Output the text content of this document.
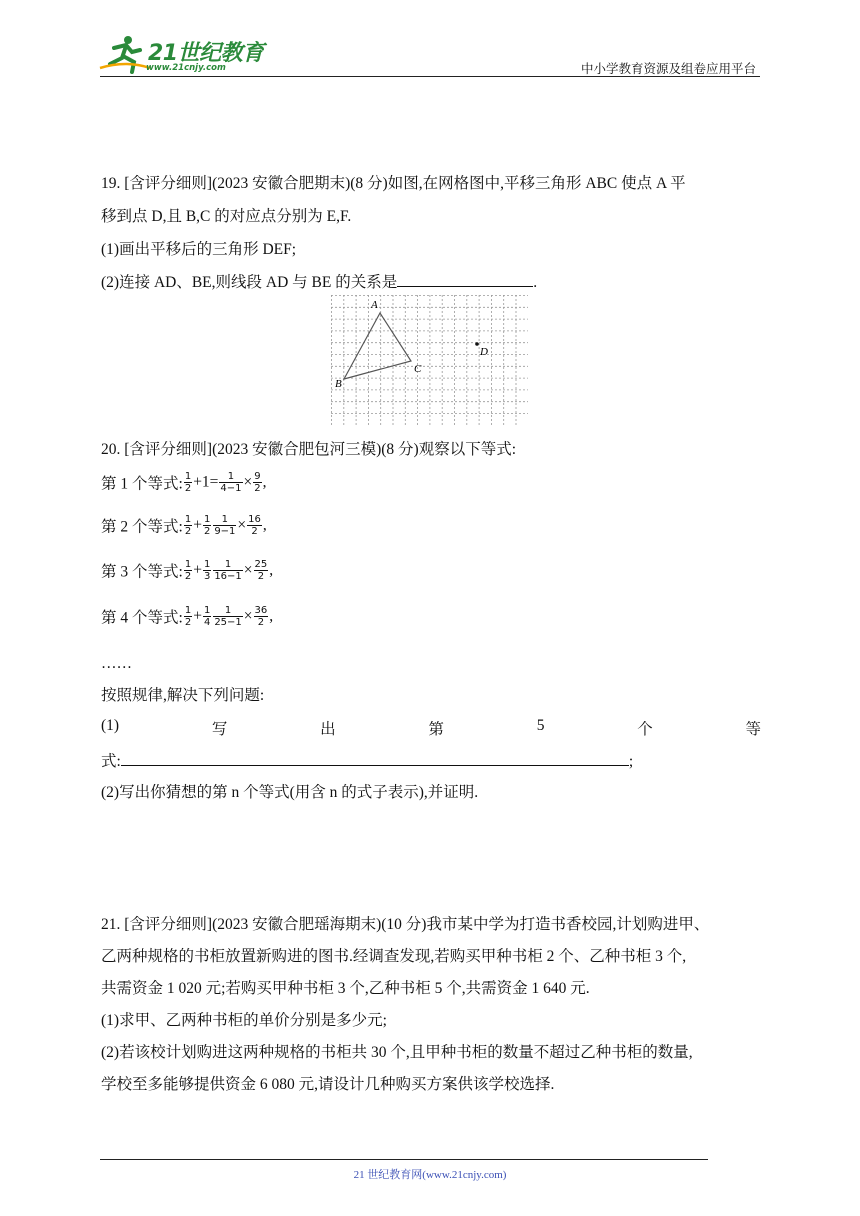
21世纪教育
www.21cnjy.com	中小学教育资源及组卷应用平台
19. [含评分细则](2023 安徽合肥期末)(8 分)如图,在网格图中,平移三角形 ABC 使点 A 平
移到点 D,且 B,C 的对应点分别为 E,F.
(1)画出平移后的三角形 DEF;
(2)连接 AD、BE,则线段 AD 与 BE 的关系是	.
A
B
C
D
20. [含评分细则](2023 安徽合肥包河三模)(8 分)观察以下等式:
第 1 个等式: $\frac{1}{2} +1= \frac{1}{4-1} \times \frac{9}{2}$ ,
第 2 个等式: $\frac{1}{2} + \frac{1}{2} \frac{1}{9-1} \times \frac{16}{2}$ ,
第 3 个等式: $\frac{1}{2} + \frac{1}{3} \frac{1}{16-1} \times \frac{25}{2}$ ,
第 4 个等式: $\frac{1}{2} + \frac{1}{4} \frac{1}{25-1} \times \frac{36}{2}$ ,
……
按照规律,解决下列问题:
(1)	写	出	第	5	个	等
式:	;
(2)写出你猜想的第 n 个等式(用含 n 的式子表示),并证明.
21. [含评分细则](2023 安徽合肥瑶海期末)(10 分)我市某中学为打造书香校园,计划购进甲、
乙两种规格的书柜放置新购进的图书.经调查发现,若购买甲种书柜 2 个、乙种书柜 3 个,
共需资金 1 020 元;若购买甲种书柜 3 个,乙种书柜 5 个,共需资金 1 640 元.
(1)求甲、乙两种书柜的单价分别是多少元;
(2)若该校计划购进这两种规格的书柜共 30 个,且甲种书柜的数量不超过乙种书柜的数量,
学校至多能够提供资金 6 080 元,请设计几种购买方案供该学校选择.
21 世纪教育网(www.21cnjy.com)
